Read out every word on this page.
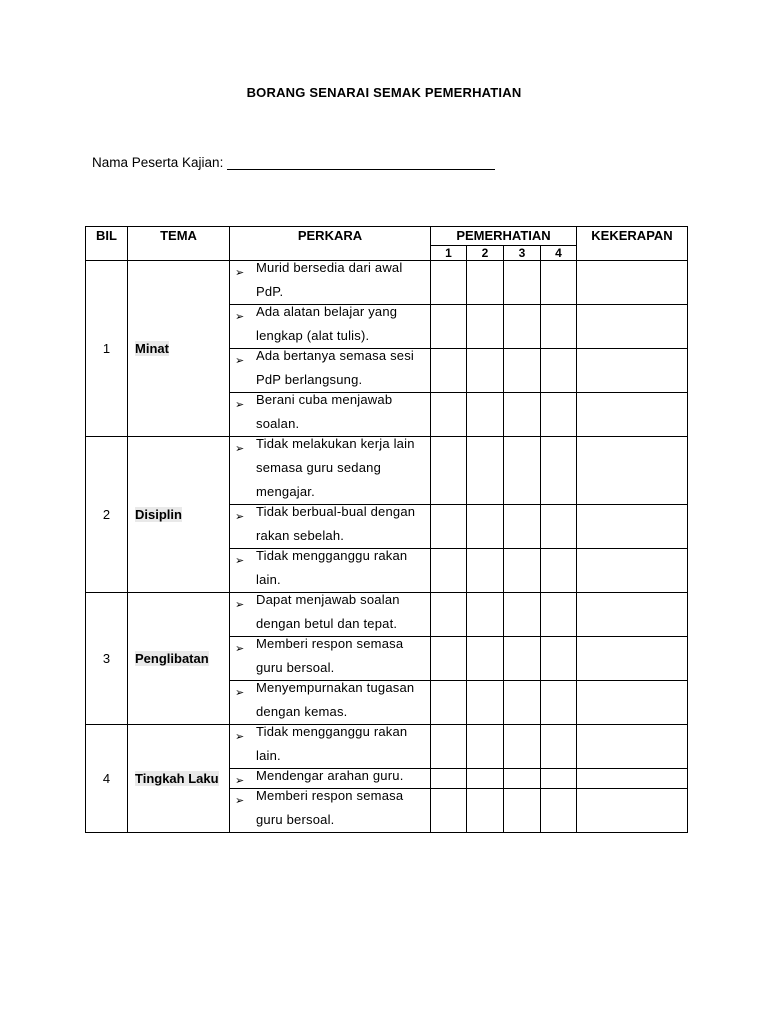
BORANG SENARAI SEMAK PEMERHATIAN
Nama Peserta Kajian:
BIL	TEMA	PERKARA	PEMERHATIAN				KEKERAPAN
			1	2	3	4	
1	Minat	➢ Murid bersedia dari awal PdP.					

		➢ Ada alatan belajar yang lengkap (alat tulis).					

		➢ Ada bertanya semasa sesi PdP berlangsung.					

		➢ Berani cuba menjawab soalan.					

2	Disiplin	➢ Tidak melakukan kerja lain semasa guru sedang mengajar.					

		➢ Tidak berbual-bual dengan rakan sebelah.					

		➢ Tidak mengganggu rakan lain.					

3	Penglibatan	➢ Dapat menjawab soalan dengan betul dan tepat.					

		➢ Memberi respon semasa guru bersoal.					

		➢ Menyempurnakan tugasan dengan kemas.					

4	Tingkah Laku	➢ Tidak mengganggu rakan lain.					

		➢ Mendengar arahan guru.					

		➢ Memberi respon semasa guru bersoal.					
